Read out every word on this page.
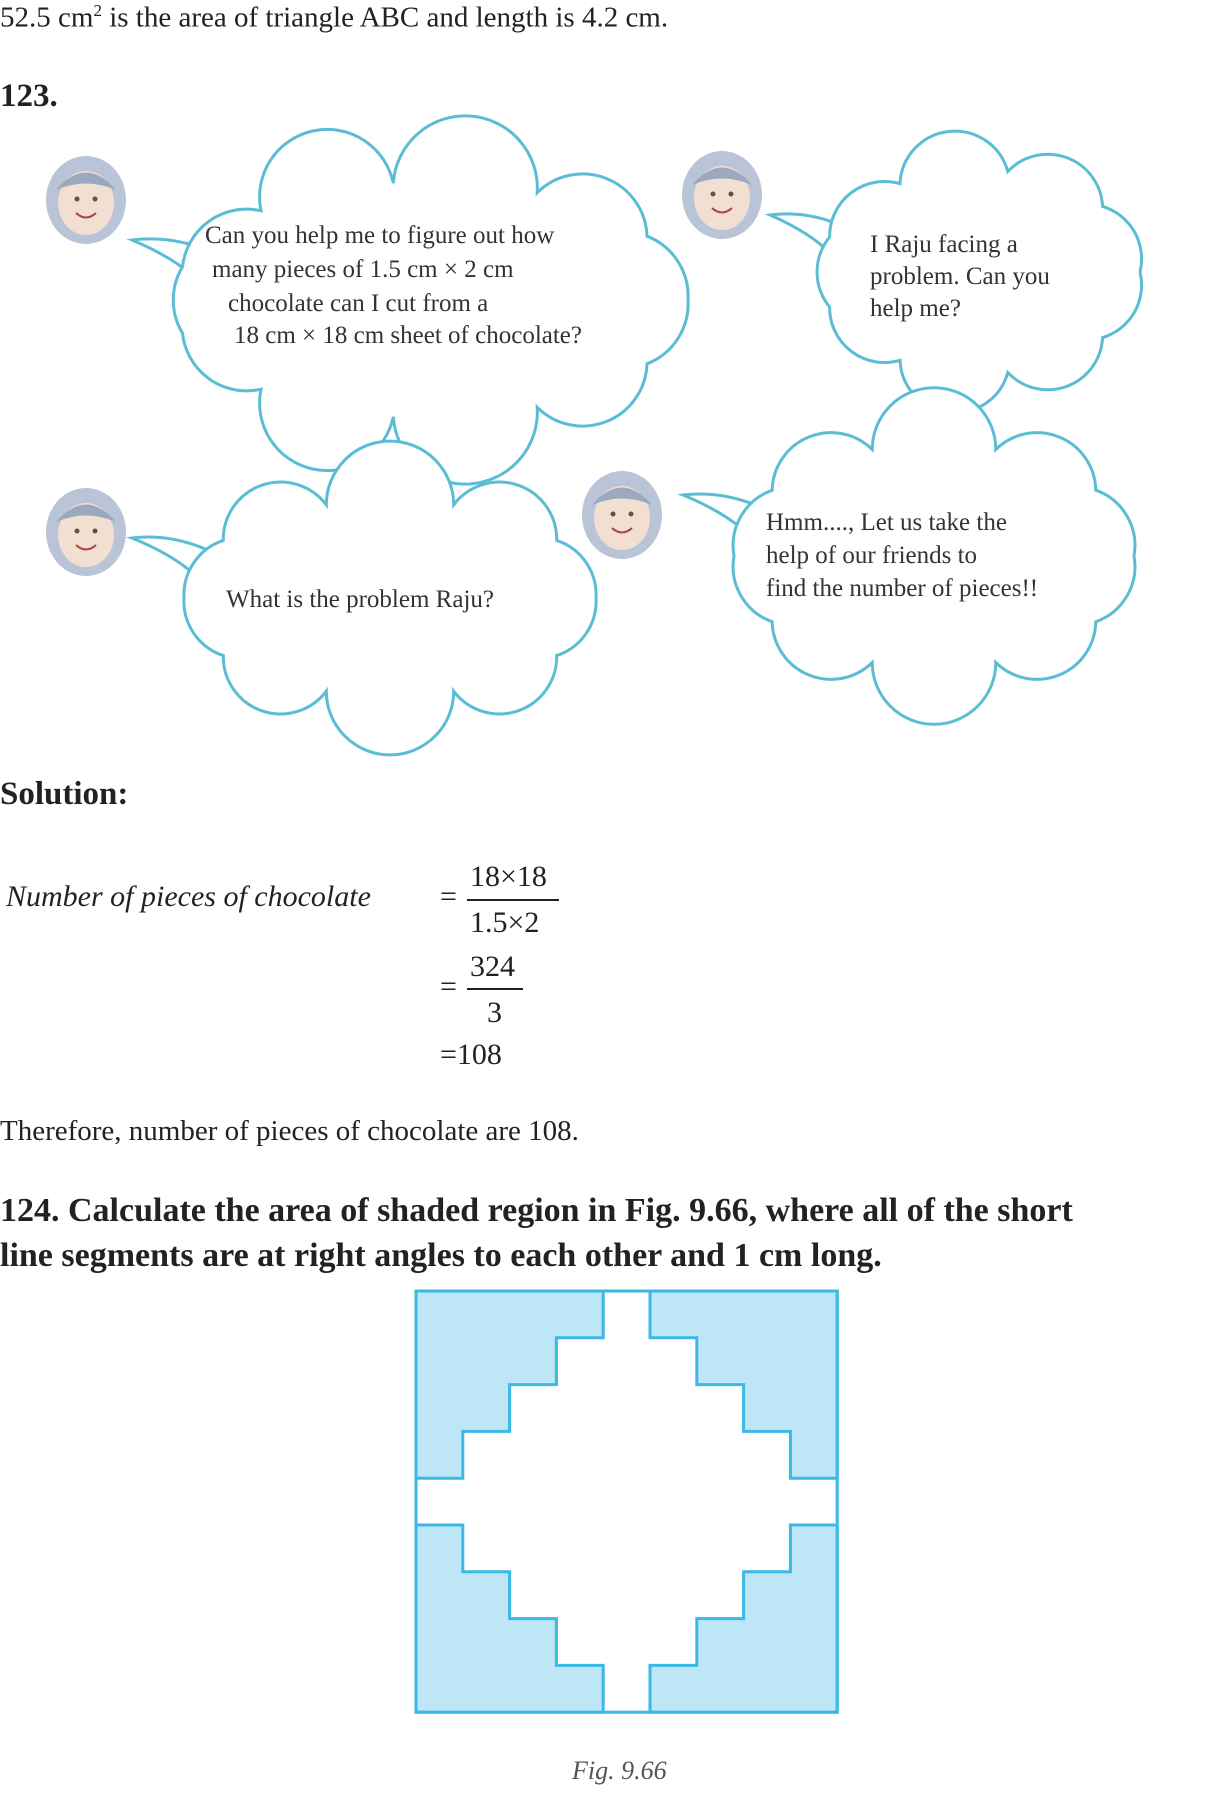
52.5 $cm^2$ is the area of triangle ABC and length is 4.2 cm.
123.
Can you help me to figure out how
many pieces of 1.5 cm × 2 cm
chocolate can I cut from a
18 cm × 18 cm sheet of chocolate?
I Raju facing a
problem. Can you
help me?
What is the problem Raju?
Hmm...., Let us take the
help of our friends to
find the number of pieces!!
Solution:
Number of pieces of chocolate =
18×18
1.5×2
=
324
3
=108
Therefore, number of pieces of chocolate are 108.
124. Calculate the area of shaded region in Fig. 9.66, where all of the short
line segments are at right angles to each other and 1 cm long.
Fig. 9.66
